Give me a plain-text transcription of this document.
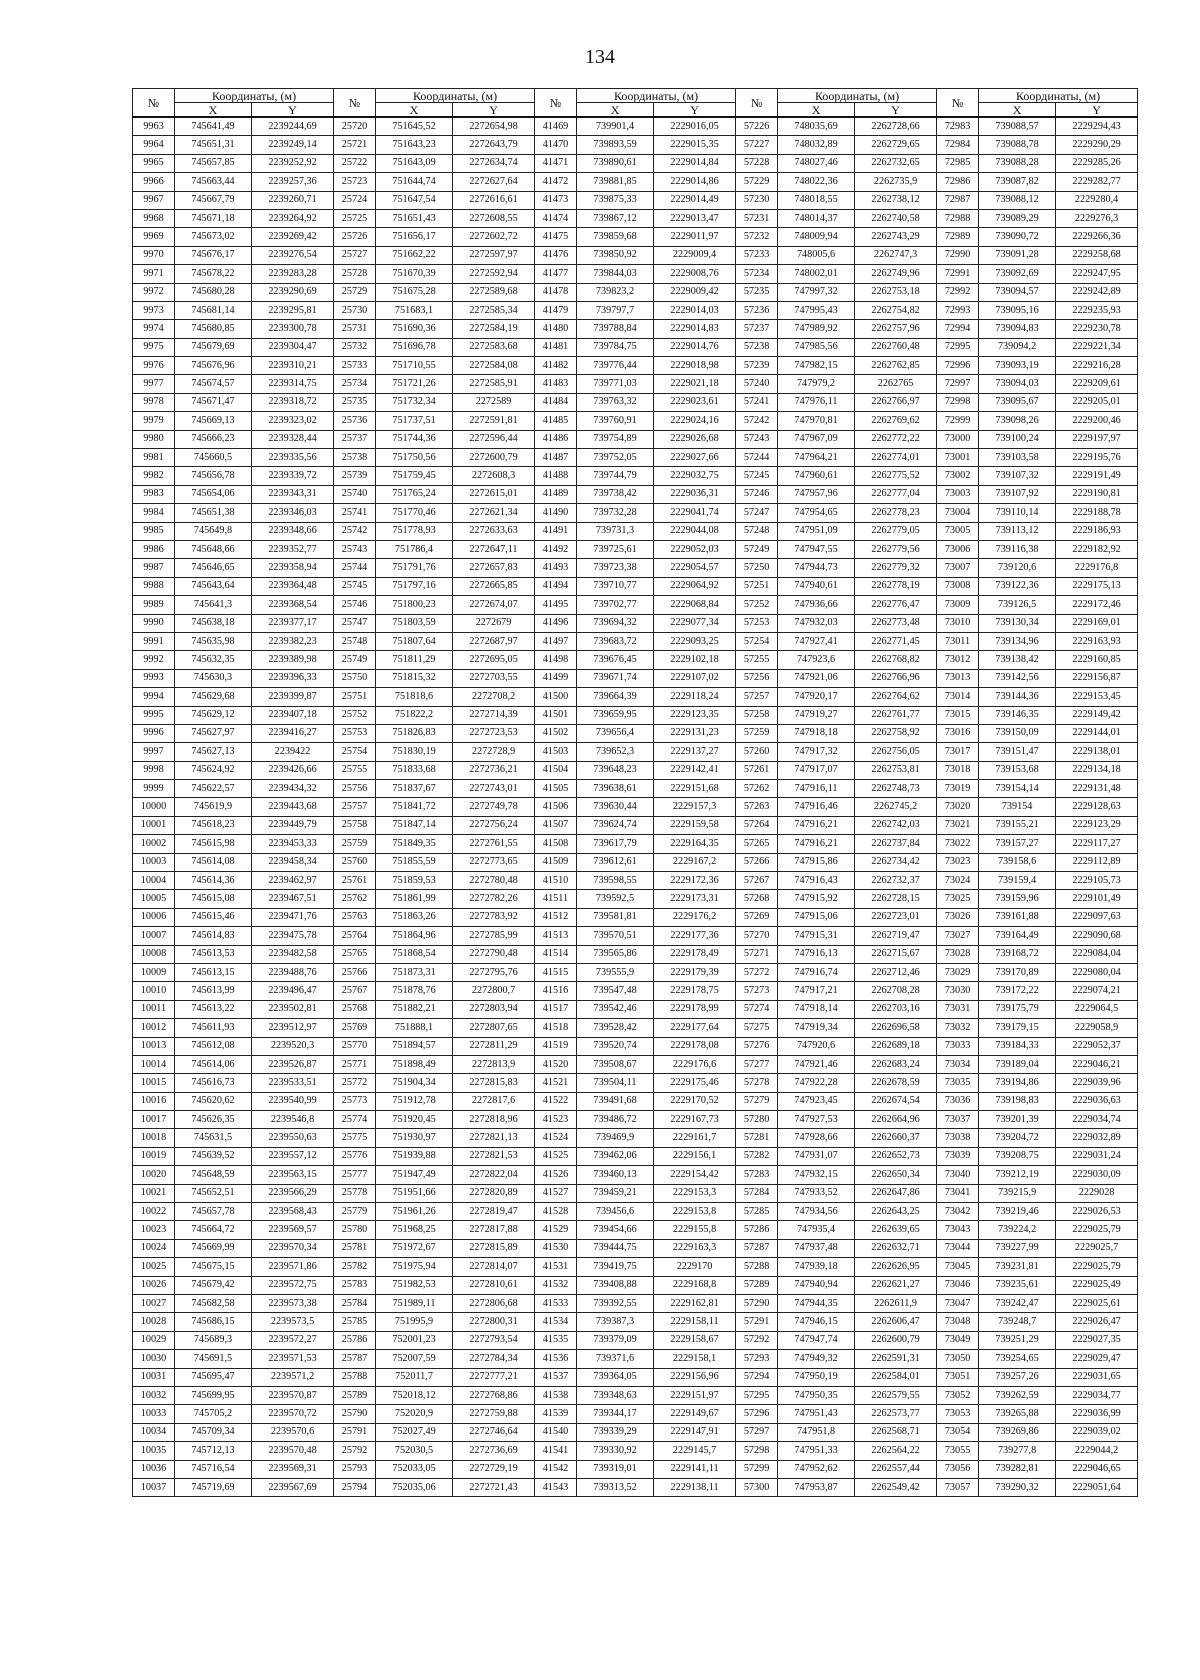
134
№	Координаты, (м)		№	Координаты, (м)		№	Координаты, (м)		№	Координаты, (м)		№	Координаты, (м)	
	X	Y		X	Y		X	Y		X	Y		X	Y
9963	745641,49	2239244,69	25720	751645,52	2272654,98	41469	739901,4	2229016,05	57226	748035,69	2262728,66	72983	739088,57	2229294,43
9964	745651,31	2239249,14	25721	751643,23	2272643,79	41470	739893,59	2229015,35	57227	748032,89	2262729,65	72984	739088,78	2229290,29
9965	745657,85	2239252,92	25722	751643,09	2272634,74	41471	739890,61	2229014,84	57228	748027,46	2262732,65	72985	739088,28	2229285,26
9966	745663,44	2239257,36	25723	751644,74	2272627,64	41472	739881,85	2229014,86	57229	748022,36	2262735,9	72986	739087,82	2229282,77
9967	745667,79	2239260,71	25724	751647,54	2272616,61	41473	739875,33	2229014,49	57230	748018,55	2262738,12	72987	739088,12	2229280,4
9968	745671,18	2239264,92	25725	751651,43	2272608,55	41474	739867,12	2229013,47	57231	748014,37	2262740,58	72988	739089,29	2229276,3
9969	745673,02	2239269,42	25726	751656,17	2272602,72	41475	739859,68	2229011,97	57232	748009,94	2262743,29	72989	739090,72	2229266,36
9970	745676,17	2239276,54	25727	751662,22	2272597,97	41476	739850,92	2229009,4	57233	748005,6	2262747,3	72990	739091,28	2229258,68
9971	745678,22	2239283,28	25728	751670,39	2272592,94	41477	739844,03	2229008,76	57234	748002,01	2262749,96	72991	739092,69	2229247,95
9972	745680,28	2239290,69	25729	751675,28	2272589,68	41478	739823,2	2229009,42	57235	747997,32	2262753,18	72992	739094,57	2229242,89
9973	745681,14	2239295,81	25730	751683,1	2272585,34	41479	739797,7	2229014,03	57236	747995,43	2262754,82	72993	739095,16	2229235,93
9974	745680,85	2239300,78	25731	751690,36	2272584,19	41480	739788,84	2229014,83	57237	747989,92	2262757,96	72994	739094,83	2229230,78
9975	745679,69	2239304,47	25732	751696,78	2272583,68	41481	739784,75	2229014,76	57238	747985,56	2262760,48	72995	739094,2	2229221,34
9976	745676,96	2239310,21	25733	751710,55	2272584,08	41482	739776,44	2229018,98	57239	747982,15	2262762,85	72996	739093,19	2229216,28
9977	745674,57	2239314,75	25734	751721,26	2272585,91	41483	739771,03	2229021,18	57240	747979,2	2262765	72997	739094,03	2229209,61
9978	745671,47	2239318,72	25735	751732,34	2272589	41484	739763,32	2229023,61	57241	747976,11	2262766,97	72998	739095,67	2229205,01
9979	745669,13	2239323,02	25736	751737,51	2272591,81	41485	739760,91	2229024,16	57242	747970,81	2262769,62	72999	739098,26	2229200,46
9980	745666,23	2239328,44	25737	751744,36	2272596,44	41486	739754,89	2229026,68	57243	747967,09	2262772,22	73000	739100,24	2229197,97
9981	745660,5	2239335,56	25738	751750,56	2272600,79	41487	739752,05	2229027,66	57244	747964,21	2262774,01	73001	739103,58	2229195,76
9982	745656,78	2239339,72	25739	751759,45	2272608,3	41488	739744,79	2229032,75	57245	747960,61	2262775,52	73002	739107,32	2229191,49
9983	745654,06	2239343,31	25740	751765,24	2272615,01	41489	739738,42	2229036,31	57246	747957,96	2262777,04	73003	739107,92	2229190,81
9984	745651,38	2239346,03	25741	751770,46	2272621,34	41490	739732,28	2229041,74	57247	747954,65	2262778,23	73004	739110,14	2229188,78
9985	745649,8	2239348,66	25742	751778,93	2272633,63	41491	739731,3	2229044,08	57248	747951,09	2262779,05	73005	739113,12	2229186,93
9986	745648,66	2239352,77	25743	751786,4	2272647,11	41492	739725,61	2229052,03	57249	747947,55	2262779,56	73006	739116,38	2229182,92
9987	745646,65	2239358,94	25744	751791,76	2272657,83	41493	739723,38	2229054,57	57250	747944,73	2262779,32	73007	739120,6	2229176,8
9988	745643,64	2239364,48	25745	751797,16	2272665,85	41494	739710,77	2229064,92	57251	747940,61	2262778,19	73008	739122,36	2229175,13
9989	745641,3	2239368,54	25746	751800,23	2272674,07	41495	739702,77	2229068,84	57252	747936,66	2262776,47	73009	739126,5	2229172,46
9990	745638,18	2239377,17	25747	751803,59	2272679	41496	739694,32	2229077,34	57253	747932,03	2262773,48	73010	739130,34	2229169,01
9991	745635,98	2239382,23	25748	751807,64	2272687,97	41497	739683,72	2229093,25	57254	747927,41	2262771,45	73011	739134,96	2229163,93
9992	745632,35	2239389,98	25749	751811,29	2272695,05	41498	739676,45	2229102,18	57255	747923,6	2262768,82	73012	739138,42	2229160,85
9993	745630,3	2239396,33	25750	751815,32	2272703,55	41499	739671,74	2229107,02	57256	747921,06	2262766,96	73013	739142,56	2229156,87
9994	745629,68	2239399,87	25751	751818,6	2272708,2	41500	739664,39	2229118,24	57257	747920,17	2262764,62	73014	739144,36	2229153,45
9995	745629,12	2239407,18	25752	751822,2	2272714,39	41501	739659,95	2229123,35	57258	747919,27	2262761,77	73015	739146,35	2229149,42
9996	745627,97	2239416,27	25753	751826,83	2272723,53	41502	739656,4	2229131,23	57259	747918,18	2262758,92	73016	739150,09	2229144,01
9997	745627,13	2239422	25754	751830,19	2272728,9	41503	739652,3	2229137,27	57260	747917,32	2262756,05	73017	739151,47	2229138,01
9998	745624,92	2239426,66	25755	751833,68	2272736,21	41504	739648,23	2229142,41	57261	747917,07	2262753,81	73018	739153,68	2229134,18
9999	745622,57	2239434,32	25756	751837,67	2272743,01	41505	739638,61	2229151,68	57262	747916,11	2262748,73	73019	739154,14	2229131,48
10000	745619,9	2239443,68	25757	751841,72	2272749,78	41506	739630,44	2229157,3	57263	747916,46	2262745,2	73020	739154	2229128,63
10001	745618,23	2239449,79	25758	751847,14	2272756,24	41507	739624,74	2229159,58	57264	747916,21	2262742,03	73021	739155,21	2229123,29
10002	745615,98	2239453,33	25759	751849,35	2272761,55	41508	739617,79	2229164,35	57265	747916,21	2262737,84	73022	739157,27	2229117,27
10003	745614,08	2239458,34	25760	751855,59	2272773,65	41509	739612,61	2229167,2	57266	747915,86	2262734,42	73023	739158,6	2229112,89
10004	745614,36	2239462,97	25761	751859,53	2272780,48	41510	739598,55	2229172,36	57267	747916,43	2262732,37	73024	739159,4	2229105,73
10005	745615,08	2239467,51	25762	751861,99	2272782,26	41511	739592,5	2229173,31	57268	747915,92	2262728,15	73025	739159,96	2229101,49
10006	745615,46	2239471,76	25763	751863,26	2272783,92	41512	739581,81	2229176,2	57269	747915,06	2262723,01	73026	739161,88	2229097,63
10007	745614,83	2239475,78	25764	751864,96	2272785,99	41513	739570,51	2229177,36	57270	747915,31	2262719,47	73027	739164,49	2229090,68
10008	745613,53	2239482,58	25765	751868,54	2272790,48	41514	739565,86	2229178,49	57271	747916,13	2262715,67	73028	739168,72	2229084,04
10009	745613,15	2239488,76	25766	751873,31	2272795,76	41515	739555,9	2229179,39	57272	747916,74	2262712,46	73029	739170,89	2229080,04
10010	745613,99	2239496,47	25767	751878,76	2272800,7	41516	739547,48	2229178,75	57273	747917,21	2262708,28	73030	739172,22	2229074,21
10011	745613,22	2239502,81	25768	751882,21	2272803,94	41517	739542,46	2229178,99	57274	747918,14	2262703,16	73031	739175,79	2229064,5
10012	745611,93	2239512,97	25769	751888,1	2272807,65	41518	739528,42	2229177,64	57275	747919,34	2262696,58	73032	739179,15	2229058,9
10013	745612,08	2239520,3	25770	751894,57	2272811,29	41519	739520,74	2229178,08	57276	747920,6	2262689,18	73033	739184,33	2229052,37
10014	745614,06	2239526,87	25771	751898,49	2272813,9	41520	739508,67	2229176,6	57277	747921,46	2262683,24	73034	739189,04	2229046,21
10015	745616,73	2239533,51	25772	751904,34	2272815,83	41521	739504,11	2229175,46	57278	747922,28	2262678,59	73035	739194,86	2229039,96
10016	745620,62	2239540,99	25773	751912,78	2272817,6	41522	739491,68	2229170,52	57279	747923,45	2262674,54	73036	739198,83	2229036,63
10017	745626,35	2239546,8	25774	751920,45	2272818,96	41523	739486,72	2229167,73	57280	747927,53	2262664,96	73037	739201,39	2229034,74
10018	745631,5	2239550,63	25775	751930,97	2272821,13	41524	739469,9	2229161,7	57281	747928,66	2262660,37	73038	739204,72	2229032,89
10019	745639,52	2239557,12	25776	751939,88	2272821,53	41525	739462,06	2229156,1	57282	747931,07	2262652,73	73039	739208,75	2229031,24
10020	745648,59	2239563,15	25777	751947,49	2272822,04	41526	739460,13	2229154,42	57283	747932,15	2262650,34	73040	739212,19	2229030,09
10021	745652,51	2239566,29	25778	751951,66	2272820,89	41527	739459,21	2229153,3	57284	747933,52	2262647,86	73041	739215,9	2229028
10022	745657,78	2239568,43	25779	751961,26	2272819,47	41528	739456,6	2229153,8	57285	747934,56	2262643,25	73042	739219,46	2229026,53
10023	745664,72	2239569,57	25780	751968,25	2272817,88	41529	739454,66	2229155,8	57286	747935,4	2262639,65	73043	739224,2	2229025,79
10024	745669,99	2239570,34	25781	751972,67	2272815,89	41530	739444,75	2229163,3	57287	747937,48	2262632,71	73044	739227,99	2229025,7
10025	745675,15	2239571,86	25782	751975,94	2272814,07	41531	739419,75	2229170	57288	747939,18	2262626,95	73045	739231,81	2229025,79
10026	745679,42	2239572,75	25783	751982,53	2272810,61	41532	739408,88	2229168,8	57289	747940,94	2262621,27	73046	739235,61	2229025,49
10027	745682,58	2239573,38	25784	751989,11	2272806,68	41533	739392,55	2229162,81	57290	747944,35	2262611,9	73047	739242,47	2229025,61
10028	745686,15	2239573,5	25785	751995,9	2272800,31	41534	739387,3	2229158,11	57291	747946,15	2262606,47	73048	739248,7	2229026,47
10029	745689,3	2239572,27	25786	752001,23	2272793,54	41535	739379,09	2229158,67	57292	747947,74	2262600,79	73049	739251,29	2229027,35
10030	745691,5	2239571,53	25787	752007,59	2272784,34	41536	739371,6	2229158,1	57293	747949,32	2262591,31	73050	739254,65	2229029,47
10031	745695,47	2239571,2	25788	752011,7	2272777,21	41537	739364,05	2229156,96	57294	747950,19	2262584,01	73051	739257,26	2229031,65
10032	745699,95	2239570,87	25789	752018,12	2272768,86	41538	739348,63	2229151,97	57295	747950,35	2262579,55	73052	739262,59	2229034,77
10033	745705,2	2239570,72	25790	752020,9	2272759,88	41539	739344,17	2229149,67	57296	747951,43	2262573,77	73053	739265,88	2229036,99
10034	745709,34	2239570,6	25791	752027,49	2272746,64	41540	739339,29	2229147,91	57297	747951,8	2262568,71	73054	739269,86	2229039,02
10035	745712,13	2239570,48	25792	752030,5	2272736,69	41541	739330,92	2229145,7	57298	747951,33	2262564,22	73055	739277,8	2229044,2
10036	745716,54	2239569,31	25793	752033,05	2272729,19	41542	739319,01	2229141,11	57299	747952,62	2262557,44	73056	739282,81	2229046,65
10037	745719,69	2239567,69	25794	752035,06	2272721,43	41543	739313,52	2229138,11	57300	747953,87	2262549,42	73057	739290,32	2229051,64
